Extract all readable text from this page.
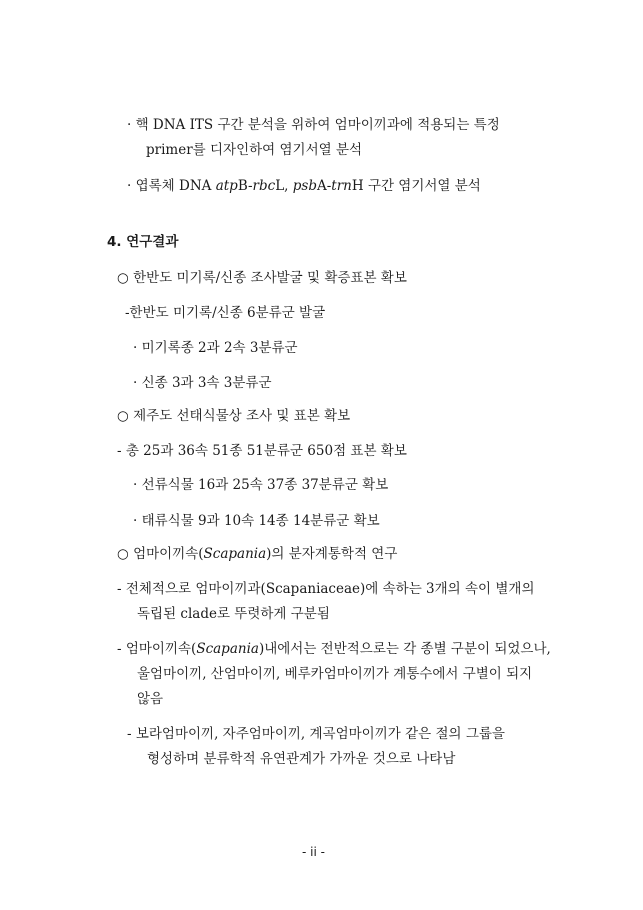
· 핵 DNA ITS 구간 분석을 위하여 엄마이끼과에 적용되는 특정
primer를 디자인하여 염기서열 분석
· 엽록체 DNA atpB-rbcL, psbA-trnH 구간 염기서열 분석
4. 연구결과
○ 한반도 미기록/신종 조사발굴 및 확증표본 확보
-한반도 미기록/신종 6분류군 발굴
· 미기록종 2과 2속 3분류군
· 신종 3과 3속 3분류군
○ 제주도 선태식물상 조사 및 표본 확보
- 총 25과 36속 51종 51분류군 650점 표본 확보
· 선류식물 16과 25속 37종 37분류군 확보
· 태류식물 9과 10속 14종 14분류군 확보
○ 엄마이끼속(Scapania)의 분자계통학적 연구
- 전체적으로 엄마이끼과(Scapaniaceae)에 속하는 3개의 속이 별개의
독립된 clade로 뚜렷하게 구분됨
- 엄마이끼속(Scapania)내에서는 전반적으로는 각 종별 구분이 되었으나,
울엄마이끼, 산엄마이끼, 베루카엄마이끼가 계통수에서 구별이 되지
않음
- 보라엄마이끼, 자주엄마이끼, 계곡엄마이끼가 같은 절의 그룹을
형성하며 분류학적 유연관계가 가까운 것으로 나타남
- ii -
